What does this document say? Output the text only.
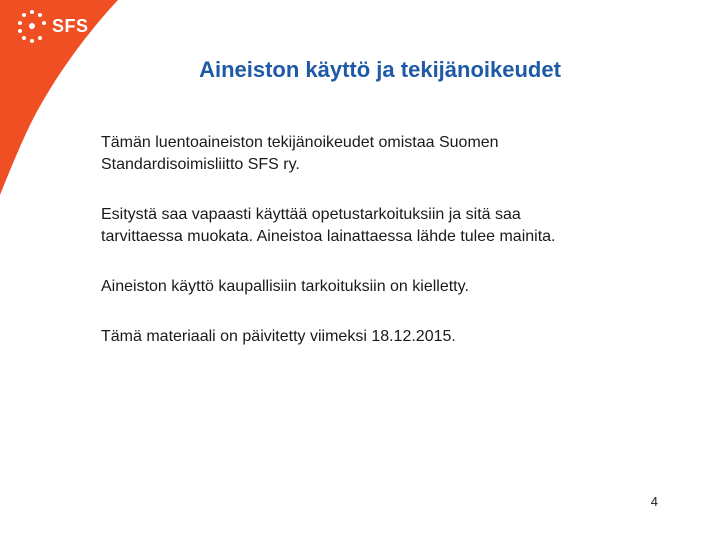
SFS
Aineiston käyttö ja tekijänoikeudet

Tämän luentoaineiston tekijänoikeudet omistaa Suomen
Standardisoimisliitto SFS ry.

Esitystä saa vapaasti käyttää opetustarkoituksiin ja sitä saa
tarvittaessa muokata. Aineistoa lainattaessa lähde tulee mainita.

Aineiston käyttö kaupallisiin tarkoituksiin on kielletty.

Tämä materiaali on päivitetty viimeksi 18.12.2015.

4
